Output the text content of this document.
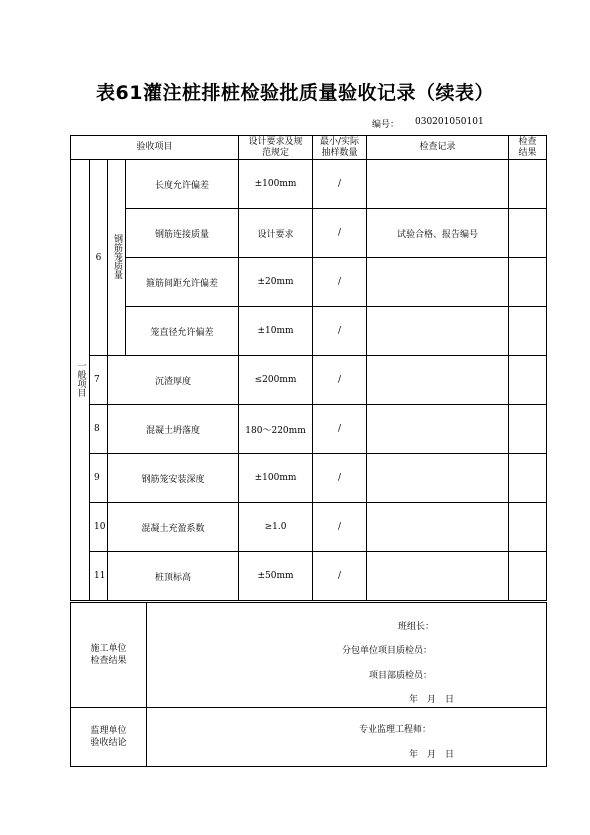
表61灌注桩排桩检验批质量验收记录（续表）
编号： 030201050101
验收项目				设计要求及规范规定	最小/实际抽样数量	检查记录	检查结果

一般项目	6	钢筋笼质量	长度允许偏差	±100mm	/		
			钢筋连接质量	设计要求	/	试验合格、报告编号	
			箍筋间距允许偏差	±20mm	/		
			笼直径允许偏差	±10mm	/		
	7	沉渣厚度		≤200mm	/		
	8	混凝土坍落度		180～220mm	/		
	9	钢筋笼安装深度		±100mm	/		
	10	混凝土充盈系数		≥1.0	/		
	11	桩顶标高		±50mm	/		
施工单位检查结果	班组长：
分包单位项目质检员：
项目部质检员：
年　月　日

监理单位验收结论	专业监理工程师：
年　月　日
